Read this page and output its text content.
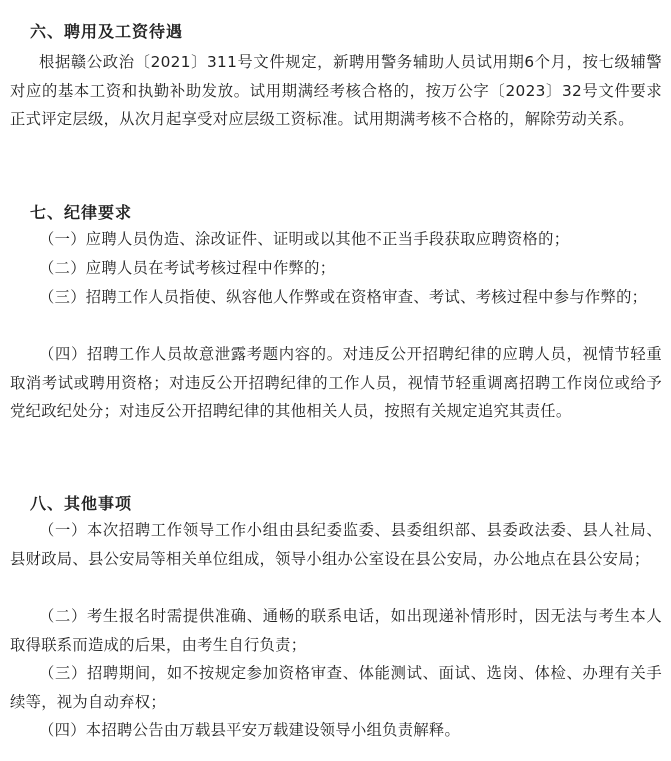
六、聘用及工资待遇

根据赣公政治〔2021〕311号文件规定，新聘用警务辅助人员试用期6个月，按七级辅警对应的基本工资和执勤补助发放。试用期满经考核合格的，按万公字〔2023〕32号文件要求正式评定层级，从次月起享受对应层级工资标准。试用期满考核不合格的，解除劳动关系。

七、纪律要求

（一）应聘人员伪造、涂改证件、证明或以其他不正当手段获取应聘资格的；

（二）应聘人员在考试考核过程中作弊的；

（三）招聘工作人员指使、纵容他人作弊或在资格审查、考试、考核过程中参与作弊的；

（四）招聘工作人员故意泄露考题内容的。对违反公开招聘纪律的应聘人员，视情节轻重取消考试或聘用资格；对违反公开招聘纪律的工作人员，视情节轻重调离招聘工作岗位或给予党纪政纪处分；对违反公开招聘纪律的其他相关人员，按照有关规定追究其责任。

八、其他事项

（一）本次招聘工作领导工作小组由县纪委监委、县委组织部、县委政法委、县人社局、县财政局、县公安局等相关单位组成，领导小组办公室设在县公安局，办公地点在县公安局；

（二）考生报名时需提供准确、通畅的联系电话，如出现递补情形时，因无法与考生本人取得联系而造成的后果，由考生自行负责；

（三）招聘期间，如不按规定参加资格审查、体能测试、面试、选岗、体检、办理有关手续等，视为自动弃权；

（四）本招聘公告由万载县平安万载建设领导小组负责解释。
